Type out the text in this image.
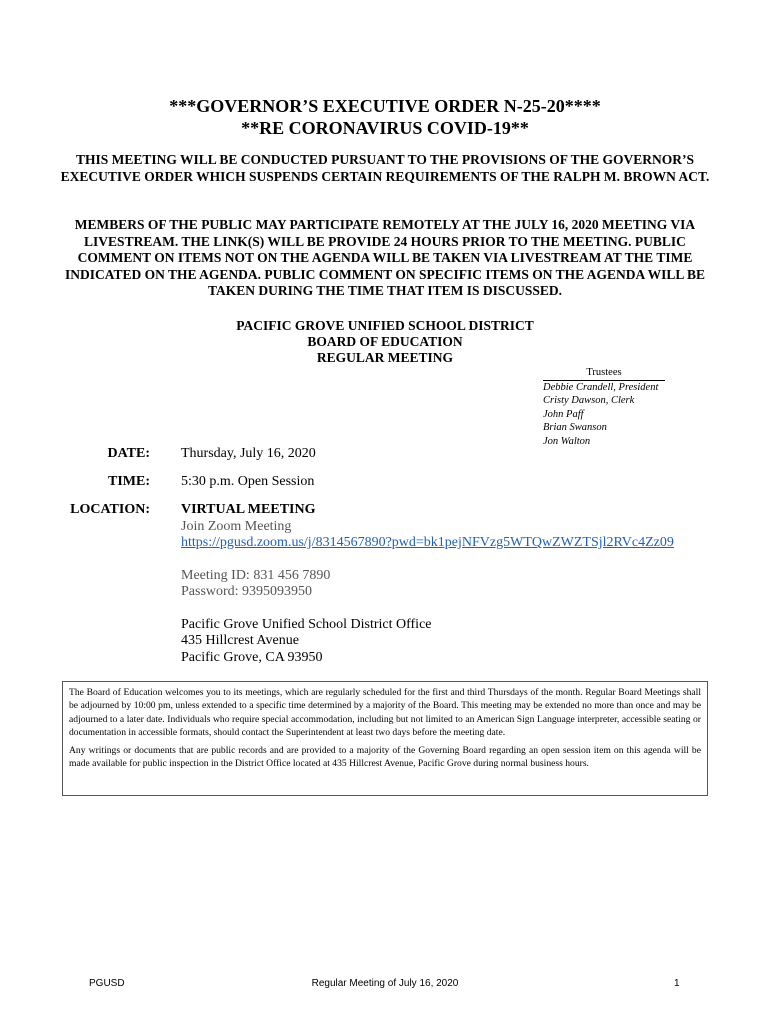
***GOVERNOR’S EXECUTIVE ORDER N-25-20****
**RE CORONAVIRUS COVID-19**
THIS MEETING WILL BE CONDUCTED PURSUANT TO THE PROVISIONS OF THE GOVERNOR’S EXECUTIVE ORDER WHICH SUSPENDS CERTAIN REQUIREMENTS OF THE RALPH M. BROWN ACT.
MEMBERS OF THE PUBLIC MAY PARTICIPATE REMOTELY AT THE JULY 16, 2020 MEETING VIA LIVESTREAM. THE LINK(S) WILL BE PROVIDE 24 HOURS PRIOR TO THE MEETING. PUBLIC COMMENT ON ITEMS NOT ON THE AGENDA WILL BE TAKEN VIA LIVESTREAM AT THE TIME INDICATED ON THE AGENDA. PUBLIC COMMENT ON SPECIFIC ITEMS ON THE AGENDA WILL BE TAKEN DURING THE TIME THAT ITEM IS DISCUSSED.
PACIFIC GROVE UNIFIED SCHOOL DISTRICT
BOARD OF EDUCATION
REGULAR MEETING
Trustees
Debbie Crandell, President
Cristy Dawson, Clerk
John Paff
Brian Swanson
Jon Walton
DATE: Thursday, July 16, 2020
TIME: 5:30 p.m. Open Session
LOCATION: VIRTUAL MEETING
Join Zoom Meeting
https://pgusd.zoom.us/j/8314567890?pwd=bk1pejNFVzg5WTQwZWZTSjl2RVc4Zz09
Meeting ID: 831 456 7890
Password: 9395093950
Pacific Grove Unified School District Office
435 Hillcrest Avenue
Pacific Grove, CA 93950

The Board of Education welcomes you to its meetings, which are regularly scheduled for the first and third Thursdays of the month. Regular Board Meetings shall be adjourned by 10:00 pm, unless extended to a specific time determined by a majority of the Board. This meeting may be extended no more than once and may be adjourned to a later date. Individuals who require special accommodation, including but not limited to an American Sign Language interpreter, accessible seating or documentation in accessible formats, should contact the Superintendent at least two days before the meeting date.

Any writings or documents that are public records and are provided to a majority of the Governing Board regarding an open session item on this agenda will be made available for public inspection in the District Office located at 435 Hillcrest Avenue, Pacific Grove during normal business hours.

PGUSD	Regular Meeting of July 16, 2020	1
